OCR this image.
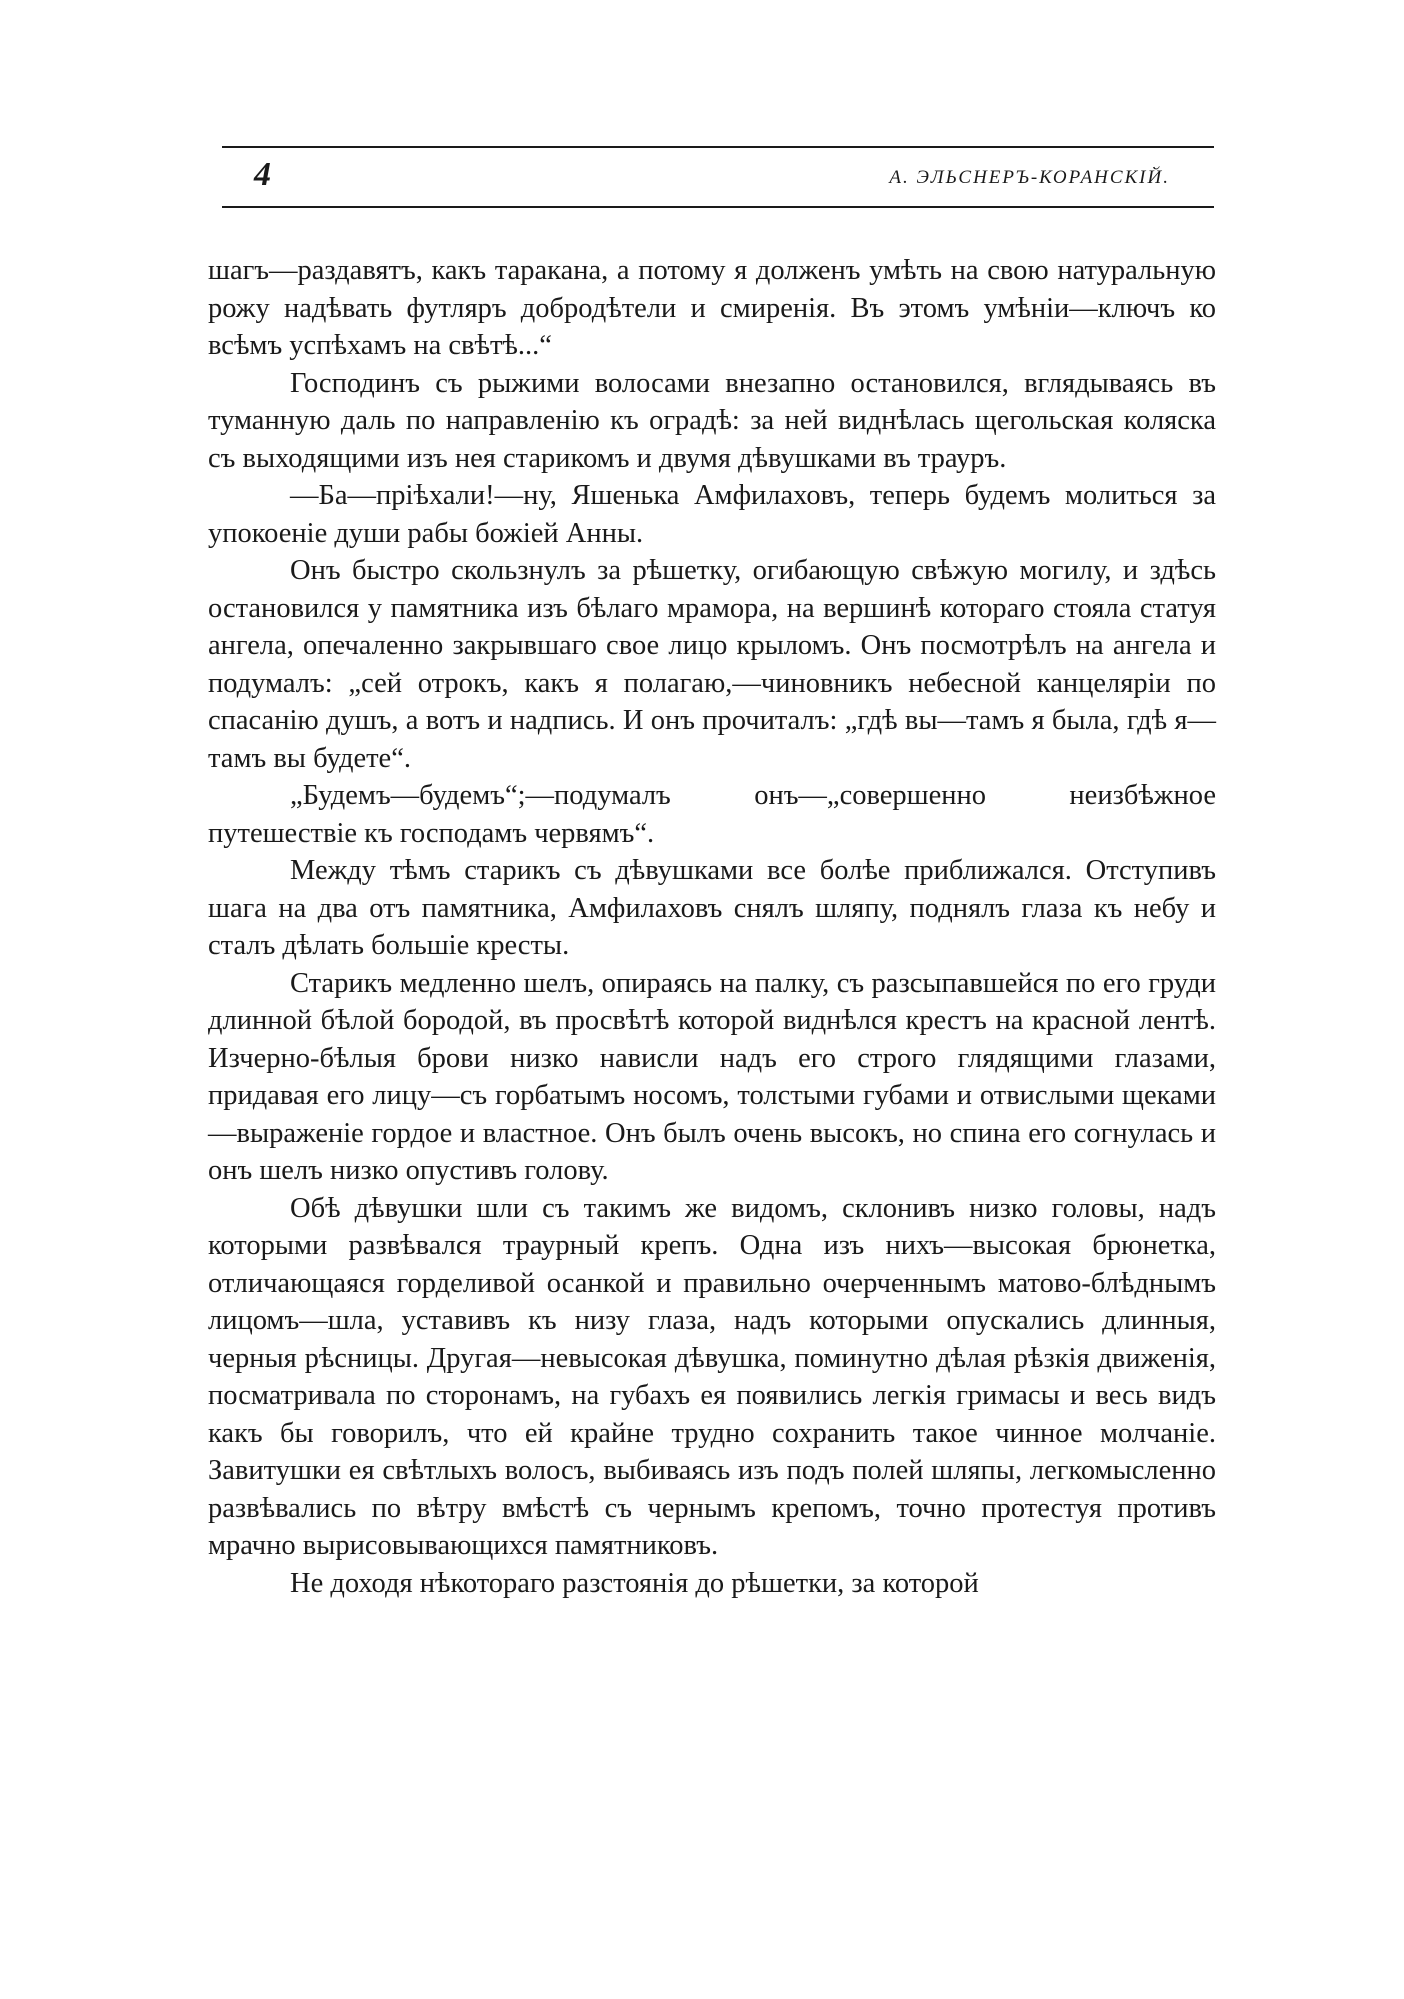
4	А. ЭЛЬСНЕРЪ-КОРАНСКIЙ.

шагъ—раздавятъ, какъ таракана, а потому я долженъ умѣть на свою натуральную рожу надѣвать футляръ добродѣтели и смиренія. Въ этомъ умѣніи—ключъ ко всѣмъ успѣхамъ на свѣтѣ...“

Господинъ съ рыжими волосами внезапно остановился, вглядываясь въ туманную даль по направленію къ оградѣ: за ней виднѣлась щегольская коляска съ выходящими изъ нея старикомъ и двумя дѣвушками въ трауръ.

—Ба—пріѣхали!—ну, Яшенька Амфилаховъ, теперь будемъ молиться за упокоеніе души рабы божіей Анны.

Онъ быстро скользнулъ за рѣшетку, огибающую свѣжую могилу, и здѣсь остановился у памятника изъ бѣлаго мрамора, на вершинѣ котораго стояла статуя ангела, опечаленно закрывшаго свое лицо крыломъ. Онъ посмотрѣлъ на ангела и подумалъ: „сей отрокъ, какъ я полагаю,—чиновникъ небесной канцеляріи по спасанію душъ, а вотъ и надпись. И онъ прочиталъ: „гдѣ вы—тамъ я была, гдѣ я—тамъ вы будете“.

„Будемъ—будемъ“;—подумалъ онъ—„совершенно неизбѣжное путешествіе къ господамъ червямъ“.

Между тѣмъ старикъ съ дѣвушками все болѣе приближался. Отступивъ шага на два отъ памятника, Амфилаховъ снялъ шляпу, поднялъ глаза къ небу и сталъ дѣлать большіе кресты.

Старикъ медленно шелъ, опираясь на палку, съ разсыпавшейся по его груди длинной бѣлой бородой, въ просвѣтѣ которой виднѣлся крестъ на красной лентѣ. Изчерно-бѣлыя брови низко нависли надъ его строго глядящими глазами, придавая его лицу—съ горбатымъ носомъ, толстыми губами и отвислыми щеками—выраженіе гордое и властное. Онъ былъ очень высокъ, но спина его согнулась и онъ шелъ низко опустивъ голову.

Обѣ дѣвушки шли съ такимъ же видомъ, склонивъ низко головы, надъ которыми развѣвался траурный крепъ. Одна изъ нихъ—высокая брюнетка, отличающаяся горделивой осанкой и правильно очерченнымъ матово-блѣднымъ лицомъ—шла, уставивъ къ низу глаза, надъ которыми опускались длинныя, черныя рѣсницы. Другая—невысокая дѣвушка, поминутно дѣлая рѣзкія движенія, посматривала по сторонамъ, на губахъ ея появились легкія гримасы и весь видъ какъ бы говорилъ, что ей крайне трудно сохранить такое чинное молчаніе. Завитушки ея свѣтлыхъ волосъ, выбиваясь изъ подъ полей шляпы, легкомысленно развѣвались по вѣтру вмѣстѣ съ чернымъ крепомъ, точно протестуя противъ мрачно вырисовывающихся памятниковъ.

Не доходя нѣкотораго разстоянія до рѣшетки, за которой
